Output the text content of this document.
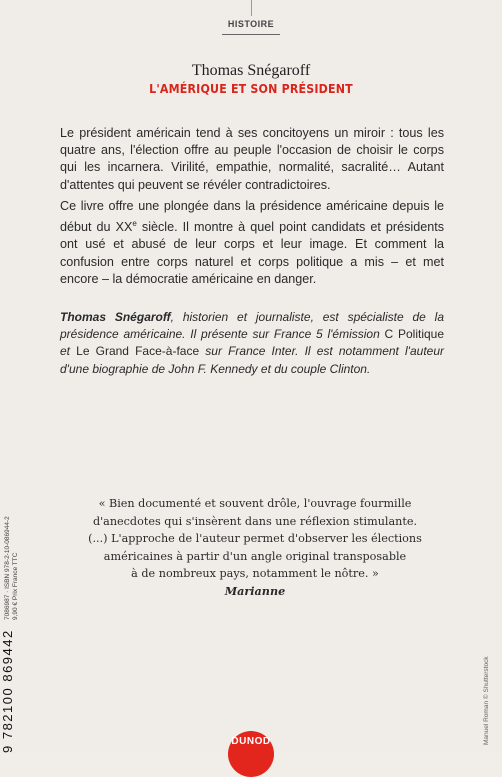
HISTOIRE
Thomas Snégaroff
L'AMÉRIQUE ET SON PRÉSIDENT

Le président américain tend à ses concitoyens un miroir : tous les quatre ans, l'élection offre au peuple l'occasion de choisir le corps qui les incarnera. Virilité, empathie, normalité, sacralité… Autant d'attentes qui peuvent se révéler contradictoires.

Ce livre offre une plongée dans la présidence américaine depuis le début du XXe siècle. Il montre à quel point candidats et présidents ont usé et abusé de leur corps et leur image. Et comment la confusion entre corps naturel et corps politique a mis – et met encore – la démocratie américaine en danger.

Thomas Snégaroff, historien et journaliste, est spécialiste de la présidence américaine. Il présente sur France 5 l'émission C Politique et Le Grand Face-à-face sur France Inter. Il est notamment l'auteur d'une biographie de John F. Kennedy et du couple Clinton.
« Bien documenté et souvent drôle, l'ouvrage fourmille
d'anecdotes qui s'insèrent dans une réflexion stimulante.
(...) L'approche de l'auteur permet d'observer les élections
américaines à partir d'un angle original transposable
à de nombreux pays, notamment le nôtre. »
Marianne
7086987 · ISBN 978-2-10-086944-2 9,90 € Prix France TTC
9 782100 869442	Manuel Roman © Shutterstock
DUNOD
